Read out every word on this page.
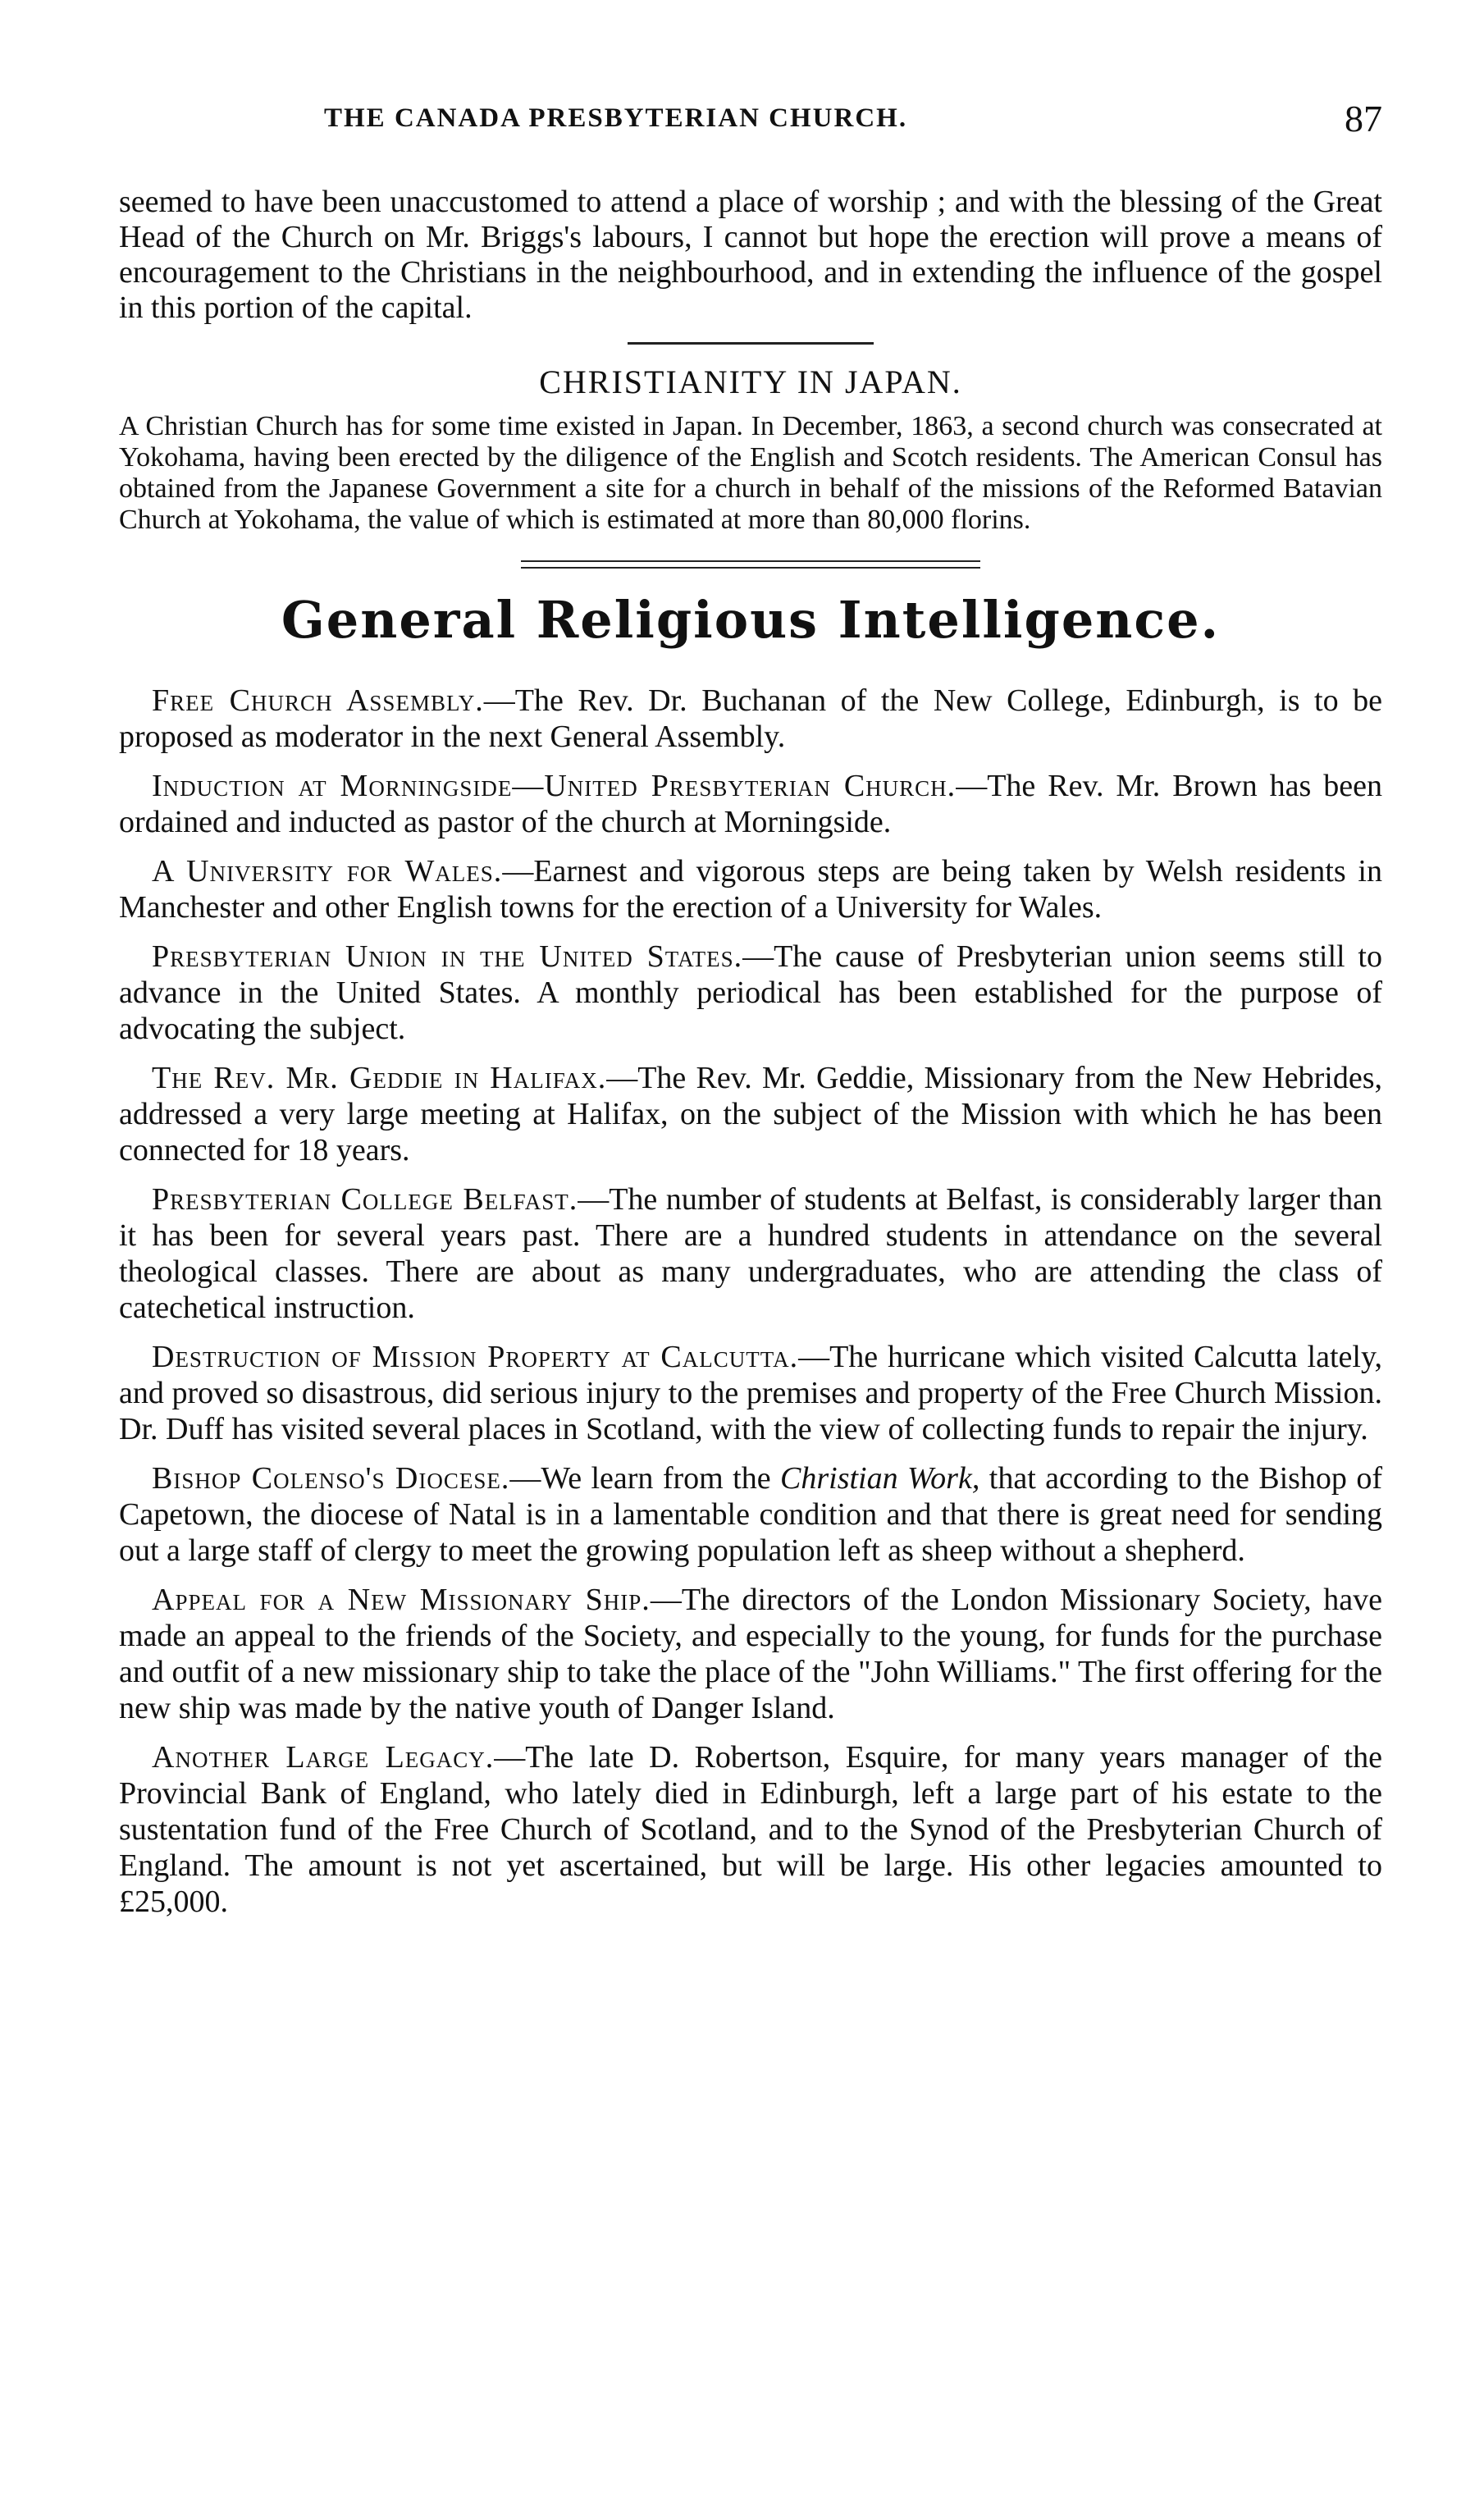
THE CANADA PRESBYTERIAN CHURCH.	87

seemed to have been unaccustomed to attend a place of worship ; and with the blessing of the Great Head of the Church on Mr. Briggs's labours, I cannot but hope the erection will prove a means of encouragement to the Christians in the neighbourhood, and in extending the influence of the gospel in this portion of the capital.

CHRISTIANITY IN JAPAN.

A Christian Church has for some time existed in Japan. In December, 1863, a second church was consecrated at Yokohama, having been erected by the diligence of the English and Scotch residents. The American Consul has obtained from the Japanese Government a site for a church in behalf of the missions of the Reformed Batavian Church at Yokohama, the value of which is estimated at more than 80,000 florins.

General Religious Intelligence.

Free Church Assembly.—The Rev. Dr. Buchanan of the New College, Edinburgh, is to be proposed as moderator in the next General Assembly.

Induction at Morningside—United Presbyterian Church.—The Rev. Mr. Brown has been ordained and inducted as pastor of the church at Morningside.

A University for Wales.—Earnest and vigorous steps are being taken by Welsh residents in Manchester and other English towns for the erection of a University for Wales.

Presbyterian Union in the United States.—The cause of Presbyterian union seems still to advance in the United States. A monthly periodical has been established for the purpose of advocating the subject.

The Rev. Mr. Geddie in Halifax.—The Rev. Mr. Geddie, Missionary from the New Hebrides, addressed a very large meeting at Halifax, on the subject of the Mission with which he has been connected for 18 years.

Presbyterian College Belfast.—The number of students at Belfast, is considerably larger than it has been for several years past. There are a hundred students in attendance on the several theological classes. There are about as many undergraduates, who are attending the class of catechetical instruction.

Destruction of Mission Property at Calcutta.—The hurricane which visited Calcutta lately, and proved so disastrous, did serious injury to the premises and property of the Free Church Mission. Dr. Duff has visited several places in Scotland, with the view of collecting funds to repair the injury.

Bishop Colenso's Diocese.—We learn from the Christian Work, that according to the Bishop of Capetown, the diocese of Natal is in a lamentable condition and that there is great need for sending out a large staff of clergy to meet the growing population left as sheep without a shepherd.

Appeal for a New Missionary Ship.—The directors of the London Missionary Society, have made an appeal to the friends of the Society, and especially to the young, for funds for the purchase and outfit of a new missionary ship to take the place of the "John Williams." The first offering for the new ship was made by the native youth of Danger Island.

Another Large Legacy.—The late D. Robertson, Esquire, for many years manager of the Provincial Bank of England, who lately died in Edinburgh, left a large part of his estate to the sustentation fund of the Free Church of Scotland, and to the Synod of the Presbyterian Church of England. The amount is not yet ascertained, but will be large. His other legacies amounted to £25,000.
